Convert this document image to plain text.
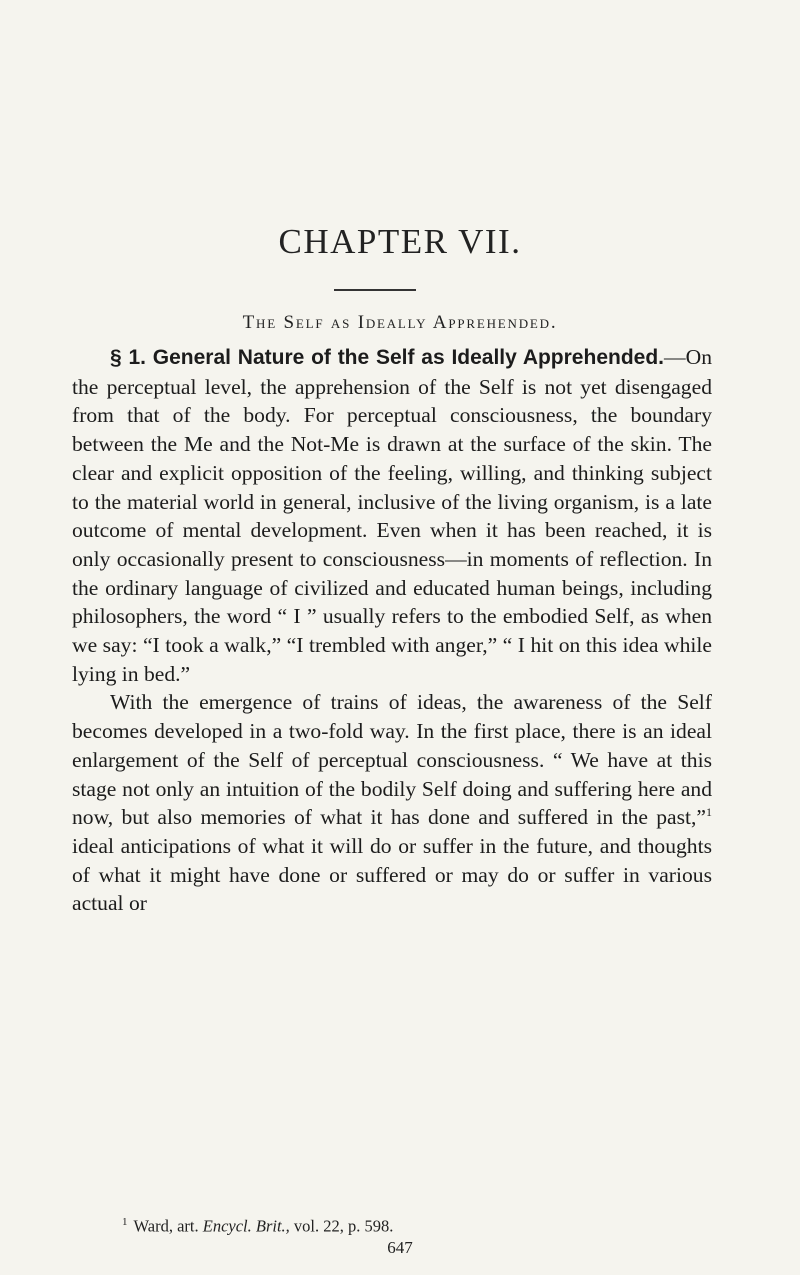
CHAPTER VII.
The Self as Ideally Apprehended.

§ 1. General Nature of the Self as Ideally Apprehended.—On the perceptual level, the apprehension of the Self is not yet disengaged from that of the body. For perceptual consciousness, the boundary between the Me and the Not-Me is drawn at the surface of the skin. The clear and explicit opposition of the feeling, willing, and thinking subject to the material world in general, inclusive of the living organism, is a late outcome of mental development. Even when it has been reached, it is only occasionally present to consciousness—in moments of reflection. In the ordinary language of civilized and educated human beings, including philosophers, the word “ I ” usually refers to the embodied Self, as when we say: “I took a walk,” “I trembled with anger,” “ I hit on this idea while lying in bed.”

With the emergence of trains of ideas, the awareness of the Self becomes developed in a two-fold way. In the first place, there is an ideal enlargement of the Self of perceptual consciousness. “ We have at this stage not only an intuition of the bodily Self doing and suffering here and now, but also memories of what it has done and suffered in the past,”$^1$ ideal anticipations of what it will do or suffer in the future, and thoughts of what it might have done or suffered or may do or suffer in various actual or

$^1$ Ward, art. Encycl. Brit., vol. 22, p. 598.
647
